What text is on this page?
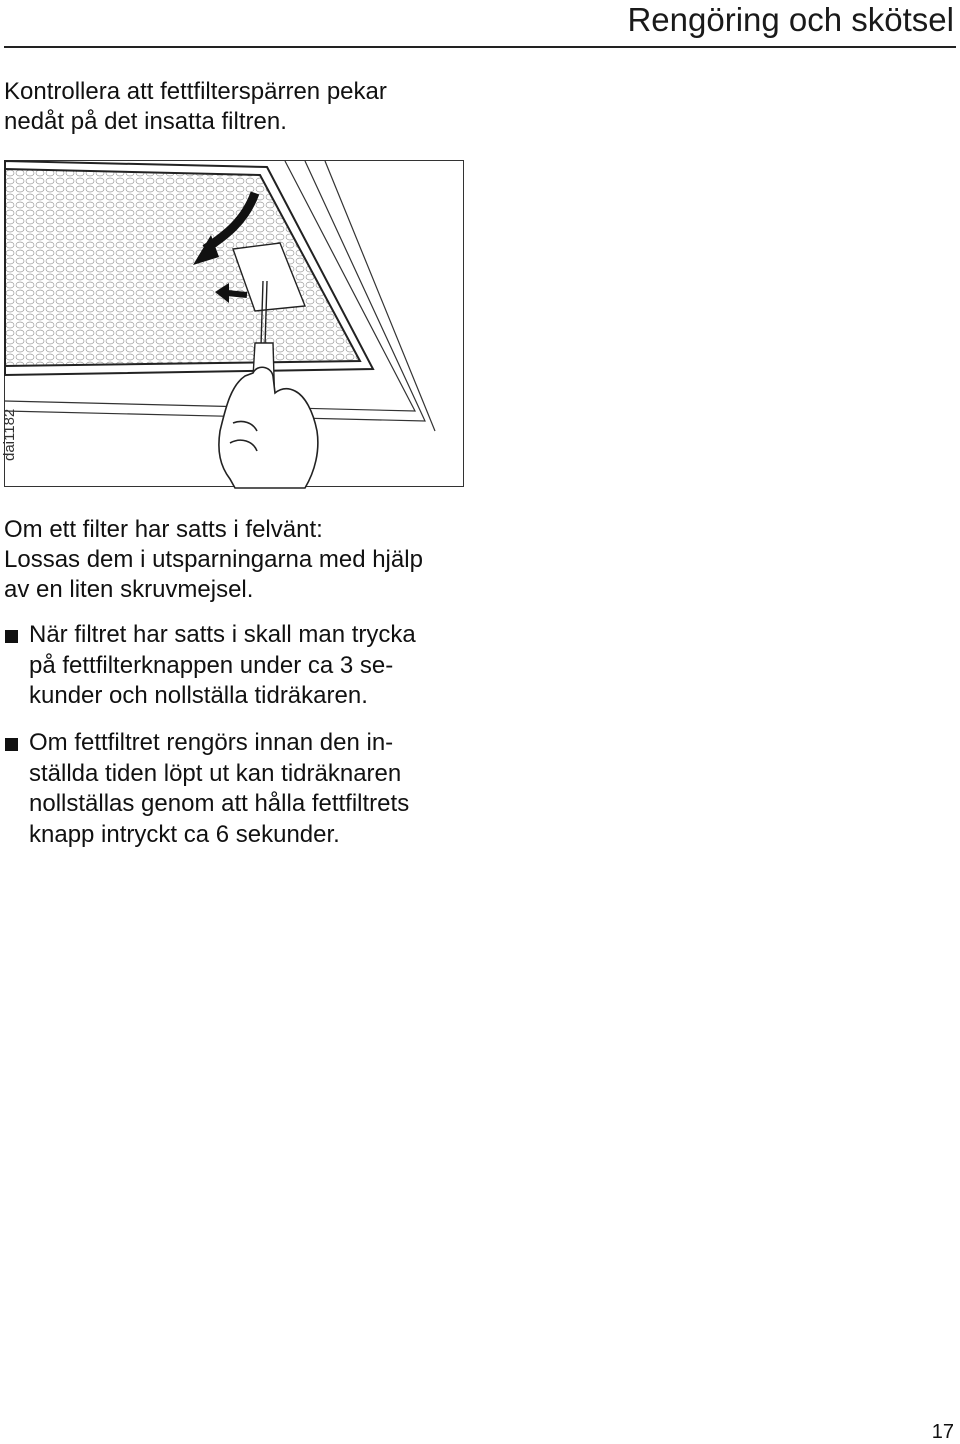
Rengöring och skötsel

Kontrollera att fettfilterspärren pekar
nedåt på det insatta filtren.

dai1182

Om ett filter har satts i felvänt:
Lossas dem i utsparningarna med hjälp
av en liten skruvmejsel.

När filtret har satts i skall man trycka
på fettfilterknappen under ca 3 se-
kunder och nollställa tidräkaren.
Om fettfiltret rengörs innan den in-
ställda tiden löpt ut kan tidräknaren
nollställas genom att hålla fettfiltrets
knapp intryckt ca 6 sekunder.
17
